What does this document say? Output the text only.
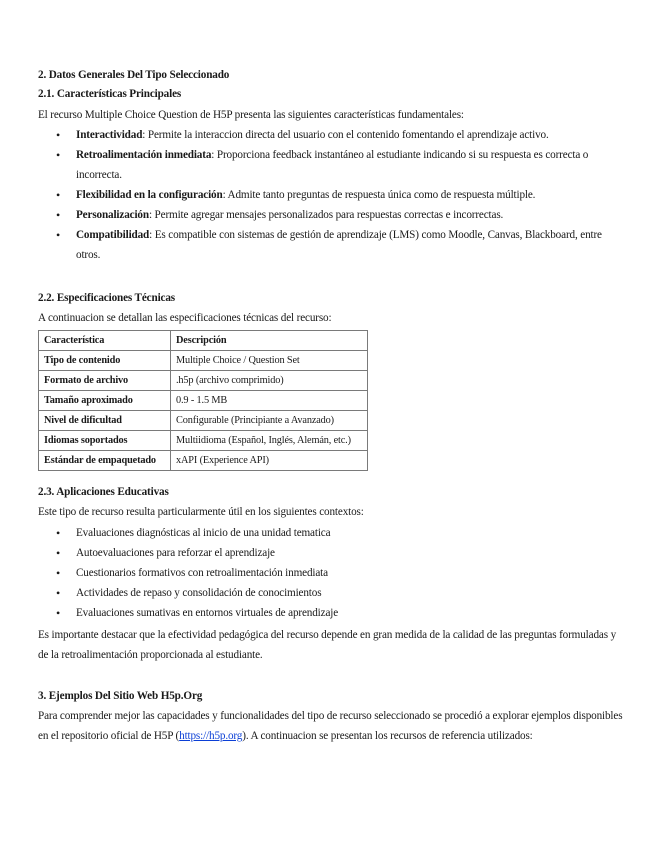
2. Datos Generales Del Tipo Seleccionado
2.1. Características Principales
El recurso Multiple Choice Question de H5P presenta las siguientes características fundamentales:
• Interactividad: Permite la interaccion directa del usuario con el contenido fomentando el aprendizaje activo.
• Retroalimentación inmediata: Proporciona feedback instantáneo al estudiante indicando si su respuesta es correcta o incorrecta.
• Flexibilidad en la configuración: Admite tanto preguntas de respuesta única como de respuesta múltiple.
• Personalización: Permite agregar mensajes personalizados para respuestas correctas e incorrectas.
• Compatibilidad: Es compatible con sistemas de gestión de aprendizaje (LMS) como Moodle, Canvas, Blackboard, entre otros.
2.2. Especificaciones Técnicas
A continuacion se detallan las especificaciones técnicas del recurso:
Característica	Descripción
Tipo de contenido	Multiple Choice / Question Set
Formato de archivo	.h5p (archivo comprimido)
Tamaño aproximado	0.9 - 1.5 MB
Nivel de dificultad	Configurable (Principiante a Avanzado)
Idiomas soportados	Multiidioma (Español, Inglés, Alemán, etc.)
Estándar de empaquetado	xAPI (Experience API)
2.3. Aplicaciones Educativas
Este tipo de recurso resulta particularmente útil en los siguientes contextos:
• Evaluaciones diagnósticas al inicio de una unidad tematica
• Autoevaluaciones para reforzar el aprendizaje
• Cuestionarios formativos con retroalimentación inmediata
• Actividades de repaso y consolidación de conocimientos
• Evaluaciones sumativas en entornos virtuales de aprendizaje
Es importante destacar que la efectividad pedagógica del recurso depende en gran medida de la calidad de las preguntas formuladas y de la retroalimentación proporcionada al estudiante.
3. Ejemplos Del Sitio Web H5p.Org
Para comprender mejor las capacidades y funcionalidades del tipo de recurso seleccionado se procedió a explorar ejemplos disponibles en el repositorio oficial de H5P (https://h5p.org). A continuacion se presentan los recursos de referencia utilizados:
